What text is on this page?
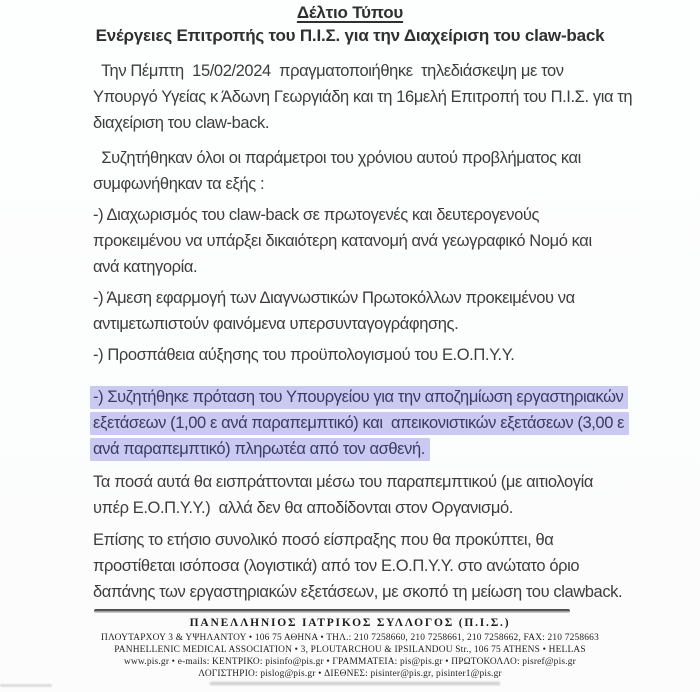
Δέλτιο Τύπου
Ενέργειες Επιτροπής του Π.Ι.Σ. για την Διαχείριση του claw-back
Την Πέμπτη  15/02/2024  πραγματοποιήθηκε  τηλεδιάσκεψη με τον
Υπουργό Υγείας κ Άδωνη Γεωργιάδη και τη 16μελή Επιτροπή του Π.Ι.Σ. για τη
διαχείριση του claw-back.
Συζητήθηκαν όλοι οι παράμετροι του χρόνιου αυτού προβλήματος και
συμφωνήθηκαν τα εξής :
-) Διαχωρισμός του claw-back σε πρωτογενές και δευτερογενούς
προκειμένου να υπάρξει δικαιότερη κατανομή ανά γεωγραφικό Νομό και
ανά κατηγορία.
-) Άμεση εφαρμογή των Διαγνωστικών Πρωτοκόλλων προκειμένου να
αντιμετωπιστούν φαινόμενα υπερσυνταγογράφησης.
-) Προσπάθεια αύξησης του προϋπολογισμού του Ε.Ο.Π.Υ.Υ.
-) Συζητήθηκε πρόταση του Υπουργείου για την αποζημίωση εργαστηριακών
εξετάσεων (1,00 ε ανά παραπεμπτικό) και  απεικονιστικών εξετάσεων (3,00 ε
ανά παραπεμπτικό) πληρωτέα από τον ασθενή.
Τα ποσά αυτά θα εισπράττονται μέσω του παραπεμπτικού (με αιτιολογία
υπέρ Ε.Ο.Π.Υ.Υ.)  αλλά δεν θα αποδίδονται στον Οργανισμό.
Επίσης το ετήσιο συνολικό ποσό είσπραξης που θα προκύπτει, θα
προστίθεται ισόποσα (λογιστικά) από τον Ε.Ο.Π.Υ.Υ. στο ανώτατο όριο
δαπάνης των εργαστηριακών εξετάσεων, με σκοπό τη μείωση του clawback.
ΠΑΝΕΛΛΗΝΙΟΣ ΙΑΤΡΙΚΟΣ ΣΥΛΛΟΓΟΣ (Π.Ι.Σ.)
ΠΛΟΥΤΑΡΧΟΥ 3 & ΥΨΗΛΑΝΤΟΥ • 106 75 ΑΘΗΝΑ • ΤΗΛ.: 210 7258660, 210 7258661, 210 7258662, FAX: 210 7258663
PANHELLENIC MEDICAL ASSOCIATION • 3, PLOUTARCHOU & IPSILANDOU Str., 106 75 ATHENS • HELLAS
www.pis.gr • e-mails: ΚΕΝΤΡΙΚΟ: pisinfo@pis.gr • ΓΡΑΜΜΑΤΕΙΑ: pis@pis.gr • ΠΡΩΤΟΚΟΛΛΟ: pisref@pis.gr
ΛΟΓΙΣΤΗΡΙΟ: pislog@pis.gr • ΔΙΕΘΝΕΣ: pisinter@pis.gr, pisinter1@pis.gr
